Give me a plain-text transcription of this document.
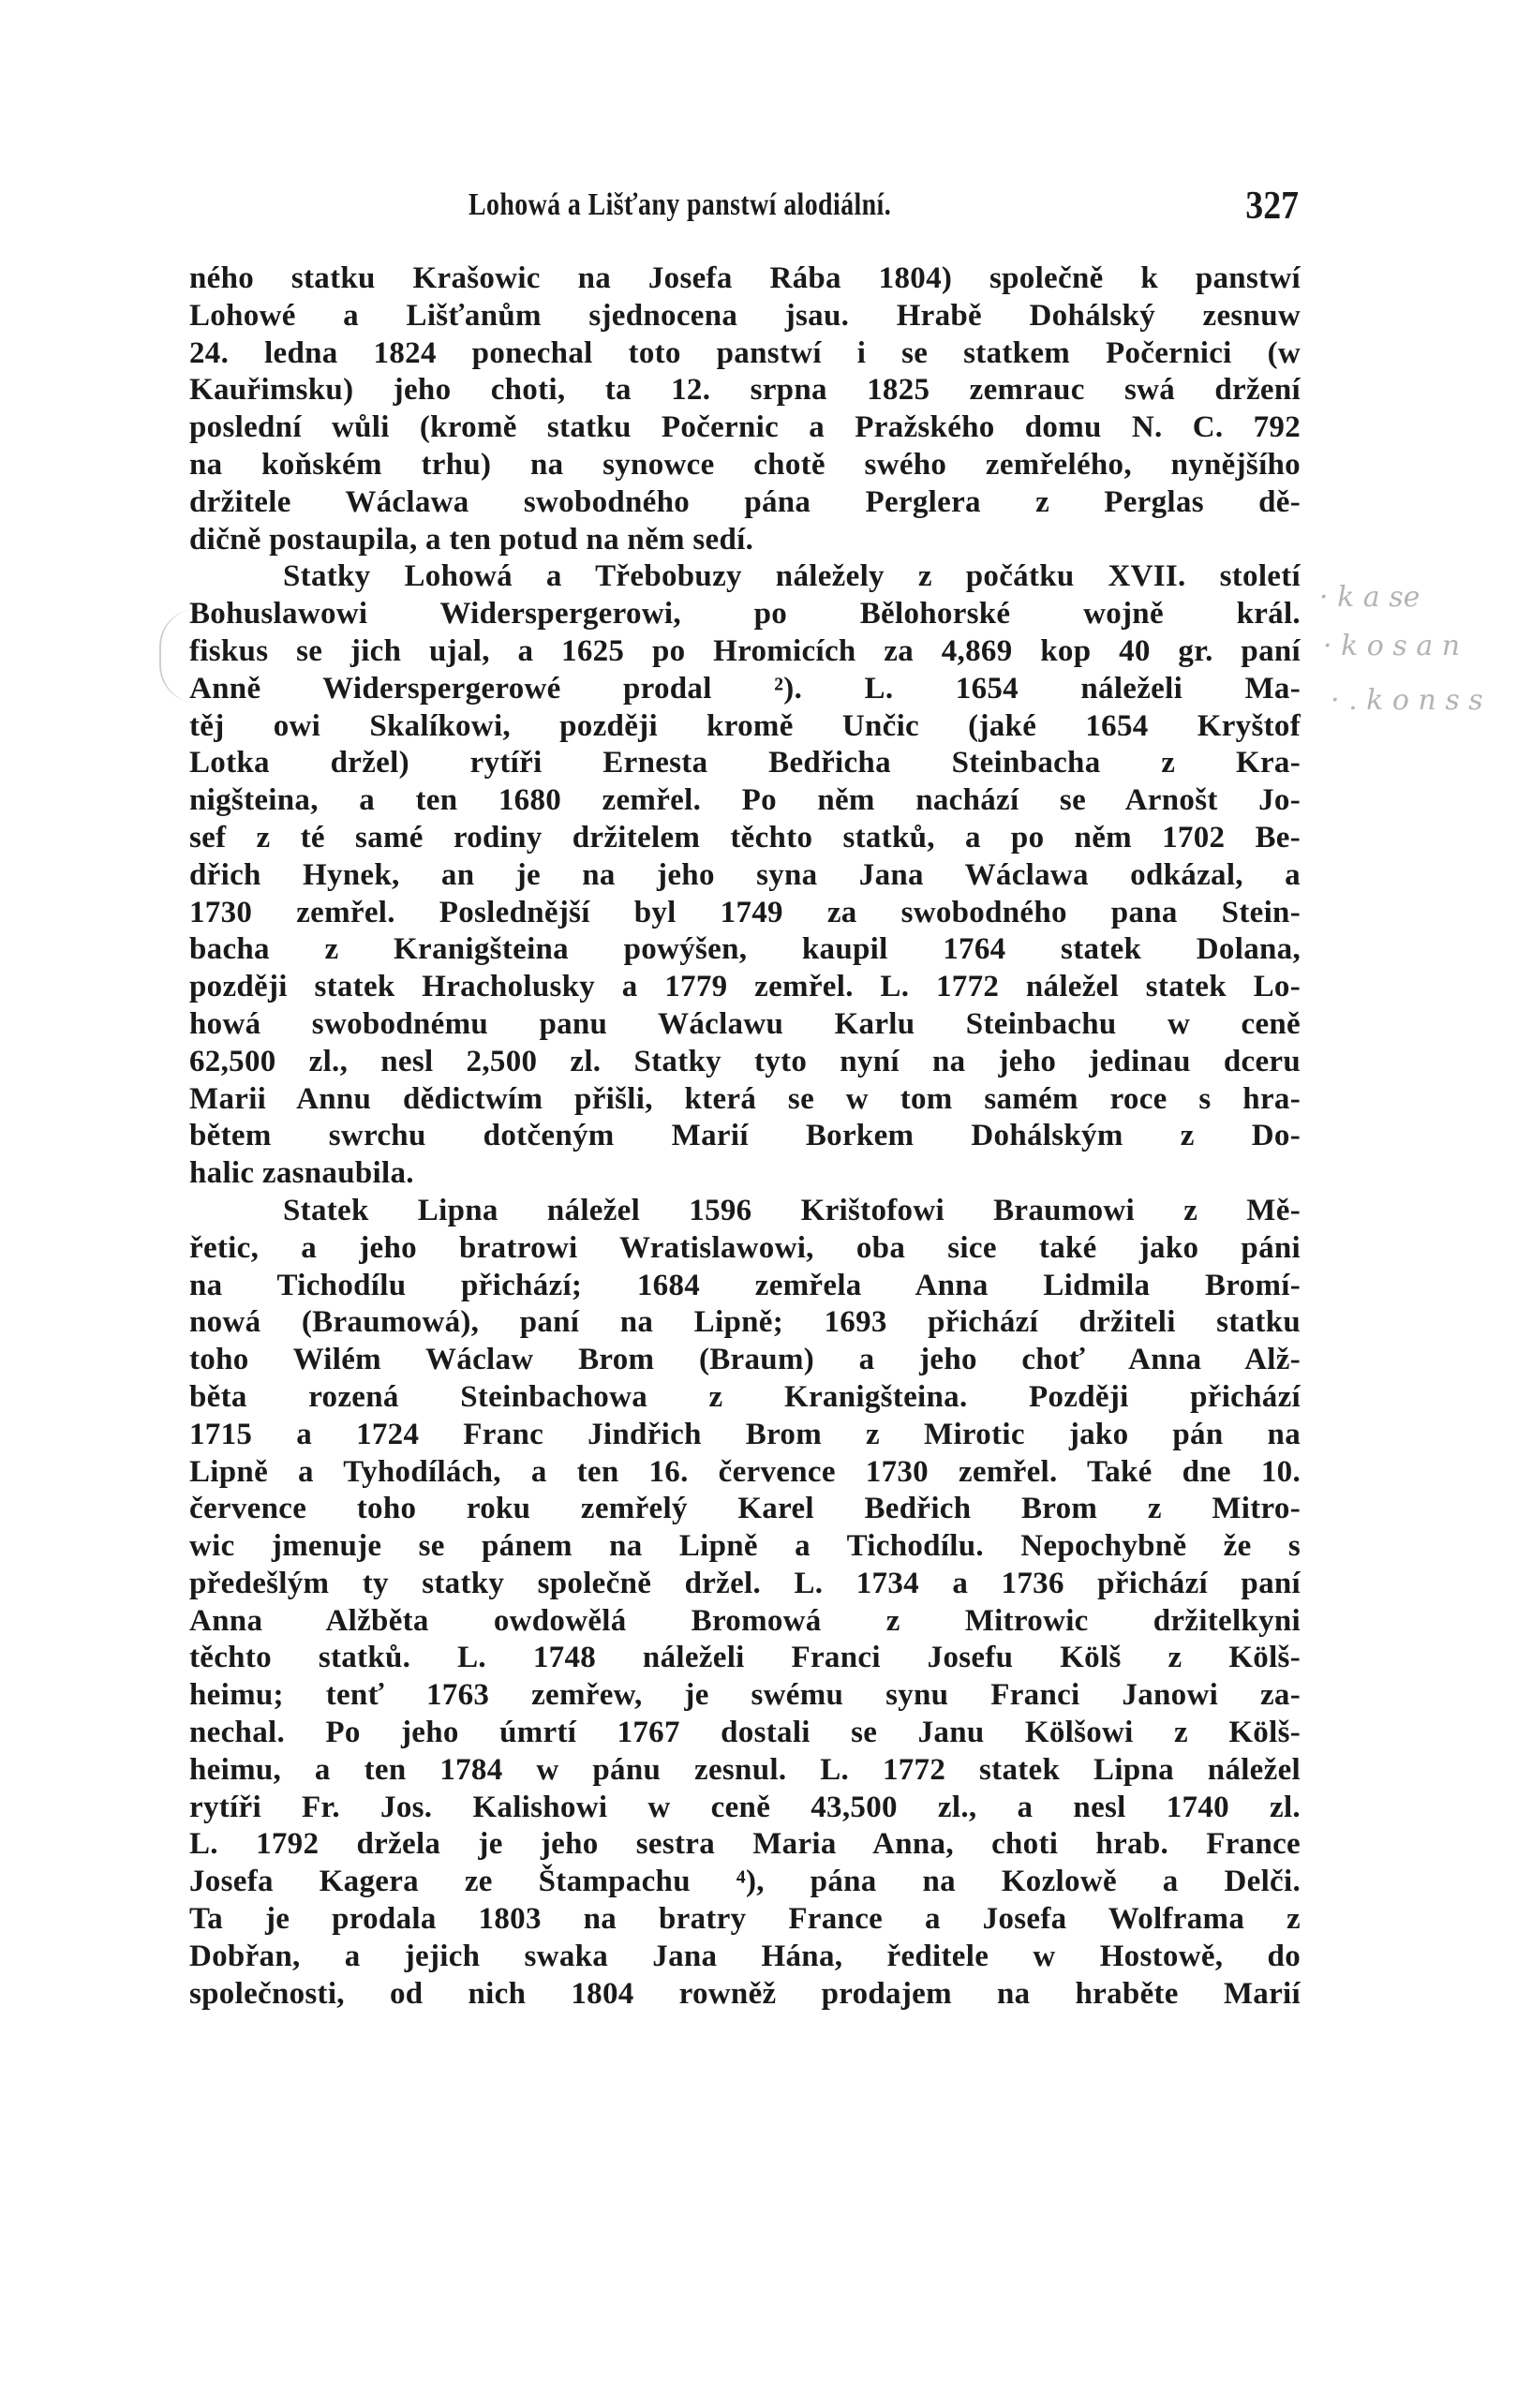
Lohowá a Lišťany panstwí alodiální.	327
· k a se
· k o s a n
· . k o n s s
ného statku Krašowic na Josefa Rába 1804) společně k panstwí
Lohowé a Lišťanům sjednocena jsau. Hrabě Dohálský zesnuw
24. ledna 1824 ponechal toto panstwí i se statkem Počernici (w
Kauřimsku) jeho choti, ta 12. srpna 1825 zemrauc swá držení
poslední wůli (kromě statku Počernic a Pražského domu N. C. 792
na koňském trhu) na synowce chotě swého zemřelého, nynějšího
držitele Wáclawa swobodného pána Perglera z Perglas dě-
dičně postaupila, a ten potud na něm sedí.
Statky Lohowá a Třebobuzy náležely z počátku XVII. století
Bohuslawowi Widerspergerowi, po Bělohorské wojně král.
fiskus se jich ujal, a 1625 po Hromicích za 4,869 kop 40 gr. paní
Anně Widerspergerowé prodal ²). L. 1654 náleželi Ma-
těj owi Skalíkowi, později kromě Unčic (jaké 1654 Kryštof
Lotka držel) rytíři Ernesta Bedřicha Steinbacha z Kra-
nigšteina, a ten 1680 zemřel. Po něm nachází se Arnošt Jo-
sef z té samé rodiny držitelem těchto statků, a po něm 1702 Be-
dřich Hynek, an je na jeho syna Jana Wáclawa odkázal, a
1730 zemřel. Poslednější byl 1749 za swobodného pana Stein-
bacha z Kranigšteina powýšen, kaupil 1764 statek Dolana,
později statek Hracholusky a 1779 zemřel. L. 1772 náležel statek Lo-
howá swobodnému panu Wáclawu Karlu Steinbachu w ceně
62,500 zl., nesl 2,500 zl. Statky tyto nyní na jeho jedinau dceru
Marii Annu dědictwím přišli, která se w tom samém roce s hra-
bětem swrchu dotčeným Marií Borkem Dohálským z Do-
halic zasnaubila.
Statek Lipna náležel 1596 Krištofowi Braumowi z Mě-
řetic, a jeho bratrowi Wratislawowi, oba sice také jako páni
na Tichodílu přichází; 1684 zemřela Anna Lidmila Bromí-
nowá (Braumowá), paní na Lipně; 1693 přichází držiteli statku
toho Wilém Wáclaw Brom (Braum) a jeho choť Anna Alž-
běta rozená Steinbachowa z Kranigšteina. Později přichází
1715 a 1724 Franc Jindřich Brom z Mirotic jako pán na
Lipně a Tyhodílách, a ten 16. července 1730 zemřel. Také dne 10.
července toho roku zemřelý Karel Bedřich Brom z Mitro-
wic jmenuje se pánem na Lipně a Tichodílu. Nepochybně že s
předešlým ty statky společně držel. L. 1734 a 1736 přichází paní
Anna Alžběta owdowělá Bromowá z Mitrowic držitelkyni
těchto statků. L. 1748 náleželi Franci Josefu Kölš z Kölš-
heimu; tenť 1763 zemřew, je swému synu Franci Janowi za-
nechal. Po jeho úmrtí 1767 dostali se Janu Kölšowi z Kölš-
heimu, a ten 1784 w pánu zesnul. L. 1772 statek Lipna náležel
rytíři Fr. Jos. Kalishowi w ceně 43,500 zl., a nesl 1740 zl.
L. 1792 držela je jeho sestra Maria Anna, choti hrab. France
Josefa Kagera ze Štampachu ⁴), pána na Kozlowě a Delči.
Ta je prodala 1803 na bratry France a Josefa Wolframa z
Dobřan, a jejich swaka Jana Hána, ředitele w Hostowě, do
společnosti, od nich 1804 rowněž prodajem na hraběte Marií
